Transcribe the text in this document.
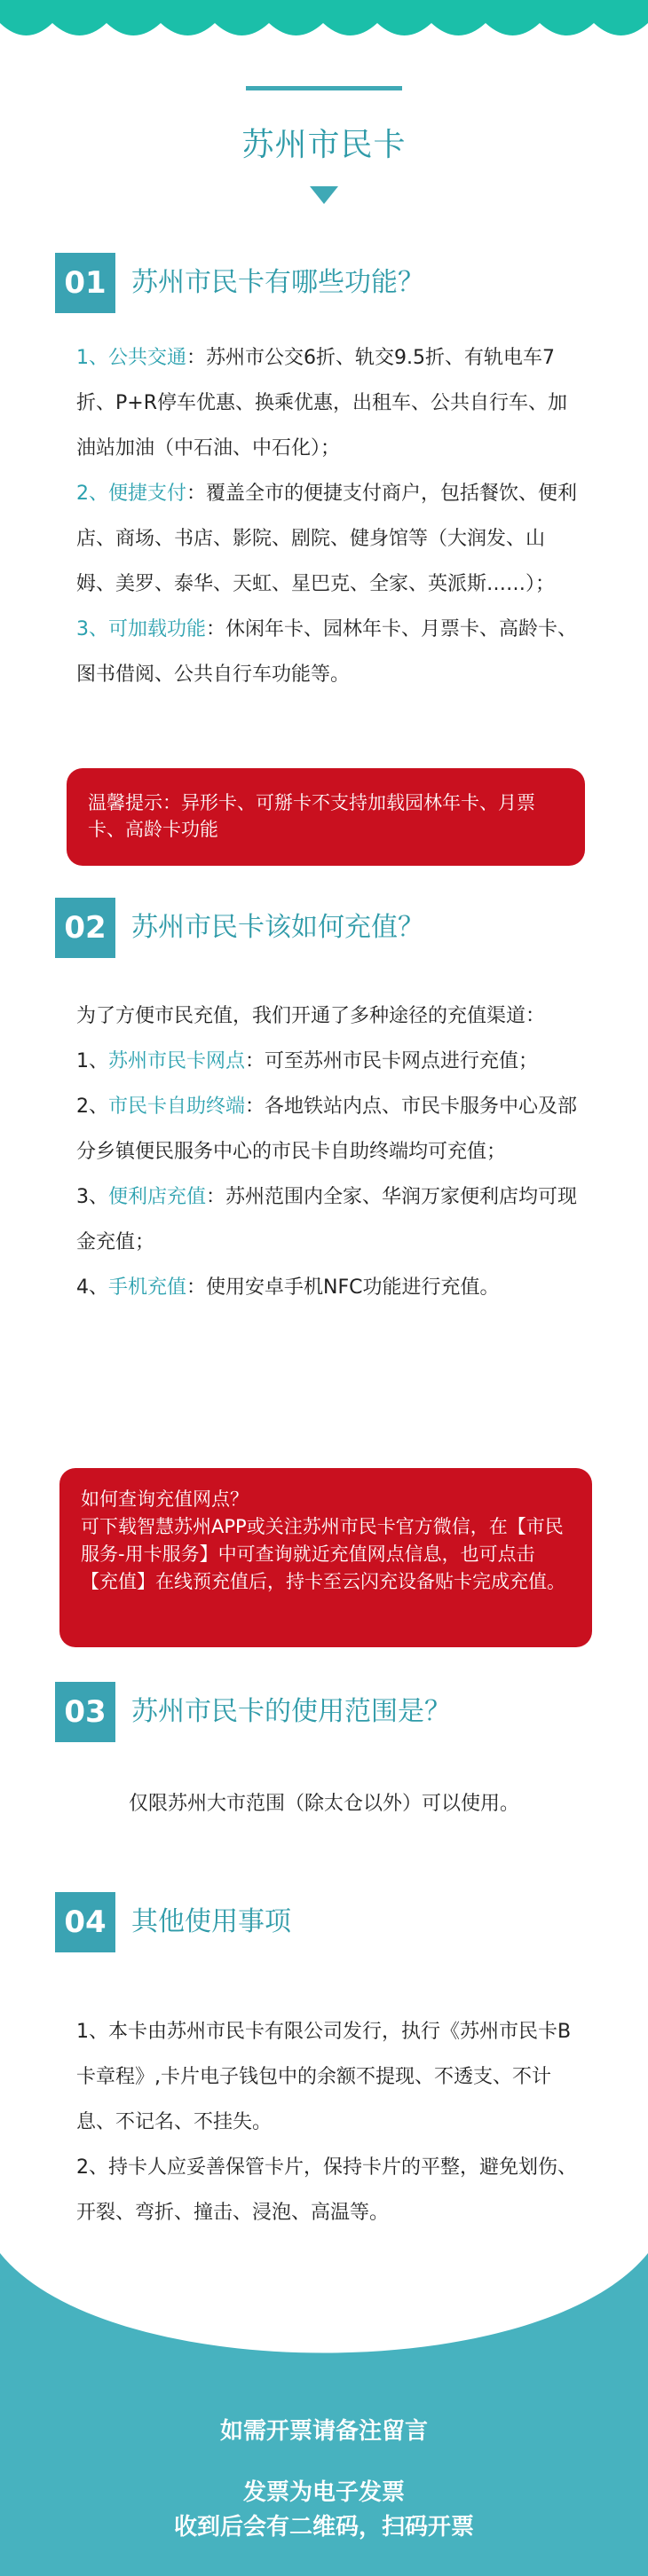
苏州市民卡
01 苏州市民卡有哪些功能？

1、公共交通：苏州市公交6折、轨交9.5折、有轨电车7折、P+R停车优惠、换乘优惠，出租车、公共自行车、加油站加油（中石油、中石化）；

2、便捷支付：覆盖全市的便捷支付商户，包括餐饮、便利店、商场、书店、影院、剧院、健身馆等（大润发、山姆、美罗、泰华、天虹、星巴克、全家、英派斯……）；

3、可加载功能：休闲年卡、园林年卡、月票卡、高龄卡、图书借阅、公共自行车功能等。

温馨提示：异形卡、可掰卡不支持加载园林年卡、月票卡、高龄卡功能

02 苏州市民卡该如何充值？

为了方便市民充值，我们开通了多种途径的充值渠道：

1、苏州市民卡网点：可至苏州市民卡网点进行充值；

2、市民卡自助终端：各地铁站内点、市民卡服务中心及部分乡镇便民服务中心的市民卡自助终端均可充值；

3、便利店充值：苏州范围内全家、华润万家便利店均可现金充值；

4、手机充值：使用安卓手机NFC功能进行充值。

如何查询充值网点？

可下载智慧苏州APP或关注苏州市民卡官方微信，在【市民服务-用卡服务】中可查询就近充值网点信息，也可点击【充值】在线预充值后，持卡至云闪充设备贴卡完成充值。

03 苏州市民卡的使用范围是？
仅限苏州大市范围（除太仓以外）可以使用。
04 其他使用事项

1、本卡由苏州市民卡有限公司发行，执行《苏州市民卡B卡章程》,卡片电子钱包中的余额不提现、不透支、不计息、不记名、不挂失。

2、持卡人应妥善保管卡片，保持卡片的平整，避免划伤、开裂、弯折、撞击、浸泡、高温等。

如需开票请备注留言
发票为电子发票
收到后会有二维码，扫码开票
